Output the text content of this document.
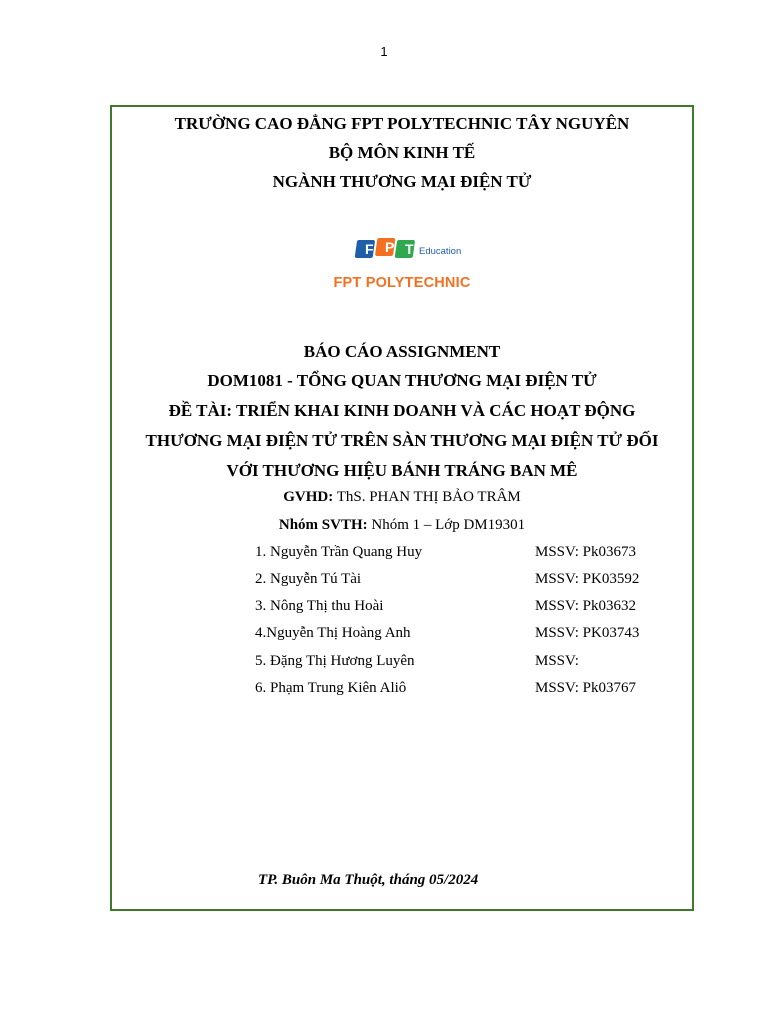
1
TRƯỜNG CAO ĐẲNG FPT POLYTECHNIC TÂY NGUYÊN
BỘ MÔN KINH TẾ
NGÀNH THƯƠNG MẠI ĐIỆN TỬ
F P T Education
FPT POLYTECHNIC
BÁO CÁO ASSIGNMENT
DOM1081 - TỔNG QUAN THƯƠNG MẠI ĐIỆN TỬ
ĐỀ TÀI: TRIỂN KHAI KINH DOANH VÀ CÁC HOẠT ĐỘNG
THƯƠNG MẠI ĐIỆN TỬ TRÊN SÀN THƯƠNG MẠI ĐIỆN TỬ ĐỐI
VỚI THƯƠNG HIỆU BÁNH TRÁNG BAN MÊ
GVHD: ThS. PHAN THỊ BẢO TRÂM
Nhóm SVTH: Nhóm 1 – Lớp DM19301
1. Nguyễn Trần Quang Huy	MSSV: Pk03673
2. Nguyễn Tú Tài	MSSV: PK03592
3. Nông Thị thu Hoài	MSSV: Pk03632
4.Nguyễn Thị Hoàng Anh	MSSV: PK03743
5. Đặng Thị Hương Luyên	MSSV:
6. Phạm Trung Kiên Aliô	MSSV: Pk03767
TP. Buôn Ma Thuột, tháng 05/2024
